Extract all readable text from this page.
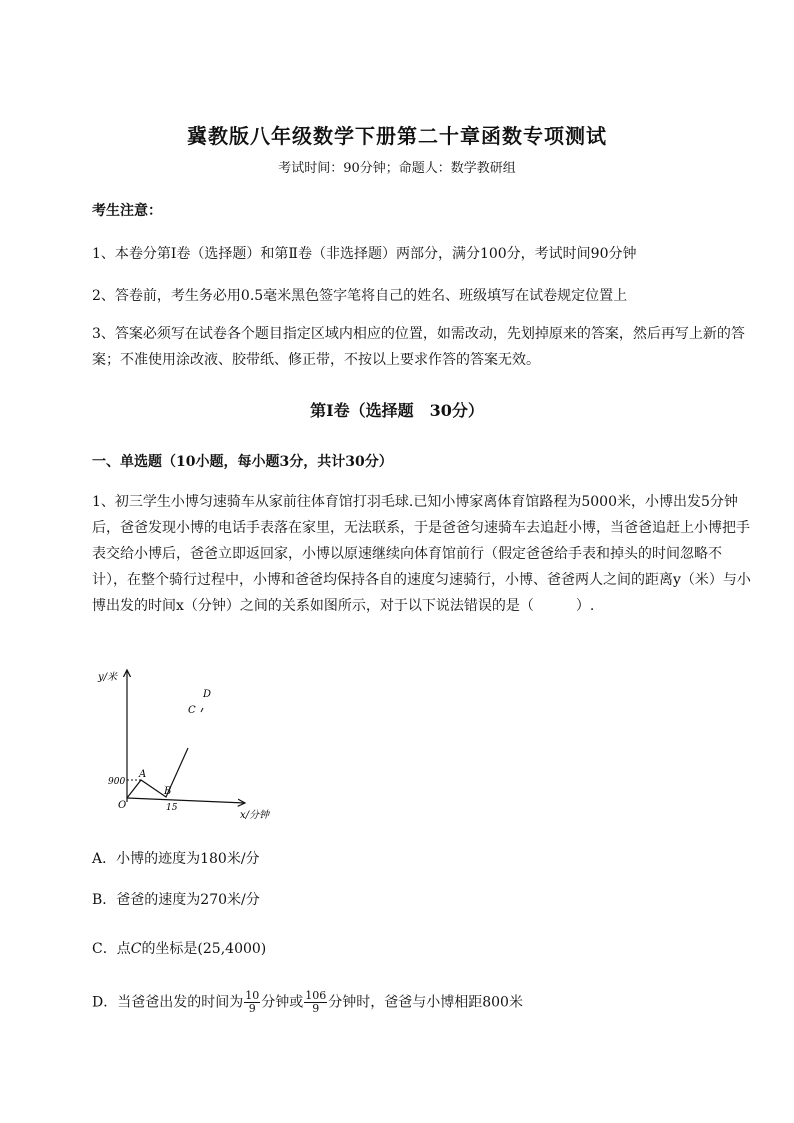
冀教版八年级数学下册第二十章函数专项测试
考试时间：90分钟；命题人：数学教研组
考生注意：
1、本卷分第I卷（选择题）和第Ⅱ卷（非选择题）两部分，满分100分，考试时间90分钟
2、答卷前，考生务必用0.5毫米黑色签字笔将自己的姓名、班级填写在试卷规定位置上
3、答案必须写在试卷各个题目指定区域内相应的位置，如需改动，先划掉原来的答案，然后再写上新的答案；不准使用涂改液、胶带纸、修正带，不按以上要求作答的答案无效。
第I卷（选择题　30分）
一、单选题（10小题，每小题3分，共计30分）
1、初三学生小博匀速骑车从家前往体育馆打羽毛球.已知小博家离体育馆路程为5000米，小博出发5分钟后，爸爸发现小博的电话手表落在家里，无法联系，于是爸爸匀速骑车去追赶小博，当爸爸追赶上小博把手表交给小博后，爸爸立即返回家，小博以原速继续向体育馆前行（假定爸爸给手表和掉头的时间忽略不计），在整个骑行过程中，小博和爸爸均保持各自的速度匀速骑行，小博、爸爸两人之间的距离y（米）与小博出发的时间x（分钟）之间的关系如图所示，对于以下说法错误的是（　　　）.
y/米
x/分钟
O
900
15
A
B
C
D
A．小博的迹度为180米/分
B．爸爸的速度为270米/分
C．点C的坐标是(25,4000)
D．当爸爸出发的时间为 $\frac{10}{9}$ 分钟或 $\frac{106}{9}$ 分钟时，爸爸与小博相距800米
